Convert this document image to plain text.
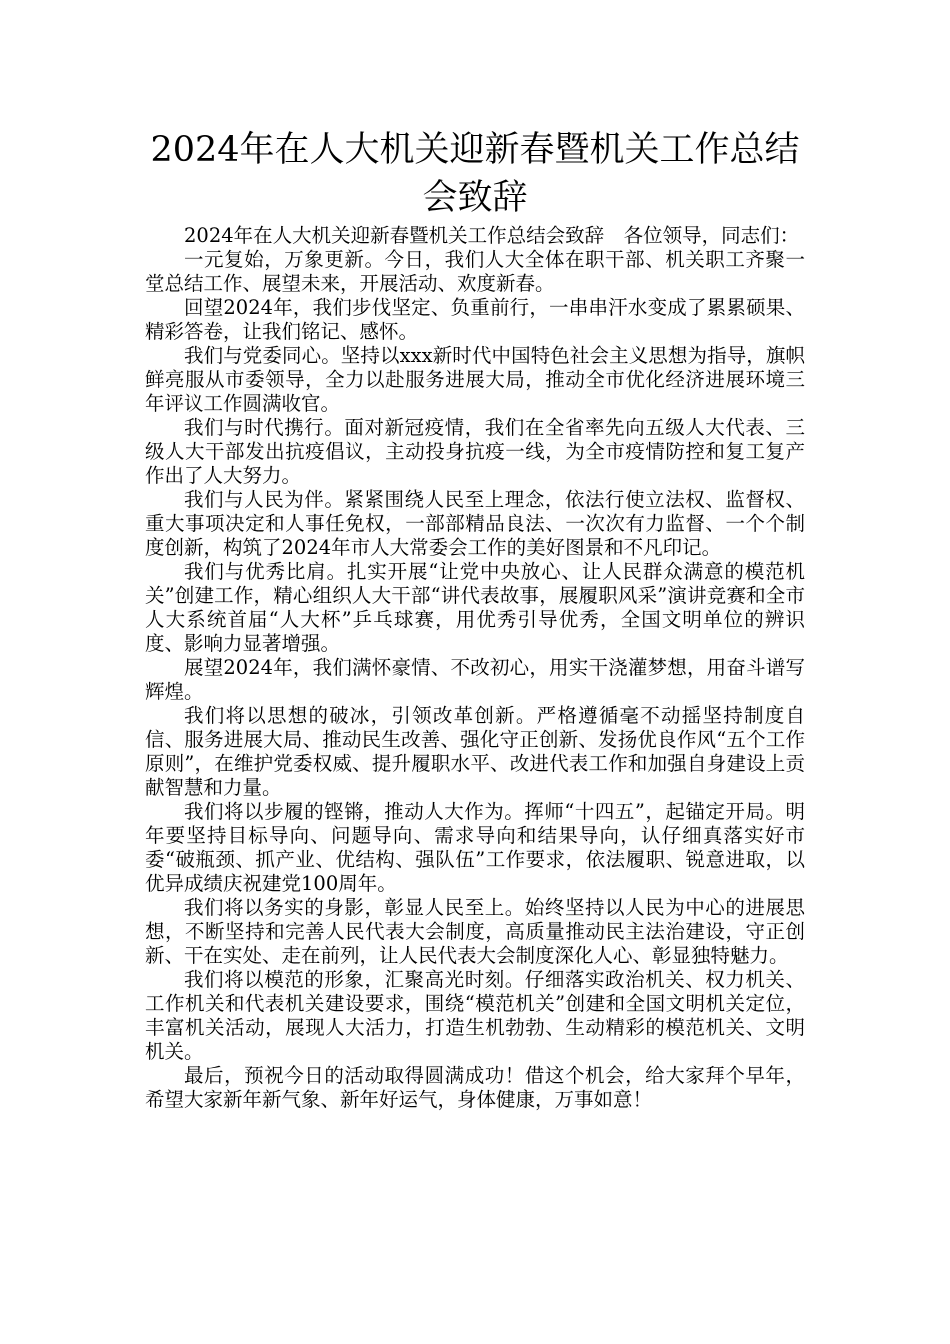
2024年在人大机关迎新春暨机关工作总结会致辞

2024年在人大机关迎新春暨机关工作总结会致辞　各位领导，同志们：

一元复始，万象更新。今日，我们人大全体在职干部、机关职工齐聚一堂总结工作、展望未来，开展活动、欢度新春。

回望2024年，我们步伐坚定、负重前行，一串串汗水变成了累累硕果、精彩答卷，让我们铭记、感怀。

我们与党委同心。坚持以xxx新时代中国特色社会主义思想为指导，旗帜鲜亮服从市委领导，全力以赴服务进展大局，推动全市优化经济进展环境三年评议工作圆满收官。

我们与时代携行。面对新冠疫情，我们在全省率先向五级人大代表、三级人大干部发出抗疫倡议，主动投身抗疫一线，为全市疫情防控和复工复产作出了人大努力。

我们与人民为伴。紧紧围绕人民至上理念，依法行使立法权、监督权、重大事项决定和人事任免权，一部部精品良法、一次次有力监督、一个个制度创新，构筑了2024年市人大常委会工作的美好图景和不凡印记。

我们与优秀比肩。扎实开展“让党中央放心、让人民群众满意的模范机关”创建工作，精心组织人大干部“讲代表故事，展履职风采”演讲竞赛和全市人大系统首届“人大杯”乒乓球赛，用优秀引导优秀，全国文明单位的辨识度、影响力显著增强。

展望2024年，我们满怀豪情、不改初心，用实干浇灌梦想，用奋斗谱写辉煌。

我们将以思想的破冰，引领改革创新。严格遵循毫不动摇坚持制度自信、服务进展大局、推动民生改善、强化守正创新、发扬优良作风“五个工作原则”，在维护党委权威、提升履职水平、改进代表工作和加强自身建设上贡献智慧和力量。

我们将以步履的铿锵，推动人大作为。挥师“十四五”，起锚定开局。明年要坚持目标导向、问题导向、需求导向和结果导向，认仔细真落实好市委“破瓶颈、抓产业、优结构、强队伍”工作要求，依法履职、锐意进取，以优异成绩庆祝建党100周年。

我们将以务实的身影，彰显人民至上。始终坚持以人民为中心的进展思想，不断坚持和完善人民代表大会制度，高质量推动民主法治建设，守正创新、干在实处、走在前列，让人民代表大会制度深化人心、彰显独特魅力。

我们将以模范的形象，汇聚高光时刻。仔细落实政治机关、权力机关、工作机关和代表机关建设要求，围绕“模范机关”创建和全国文明机关定位，丰富机关活动，展现人大活力，打造生机勃勃、生动精彩的模范机关、文明机关。

最后，预祝今日的活动取得圆满成功！借这个机会，给大家拜个早年，希望大家新年新气象、新年好运气，身体健康，万事如意！
